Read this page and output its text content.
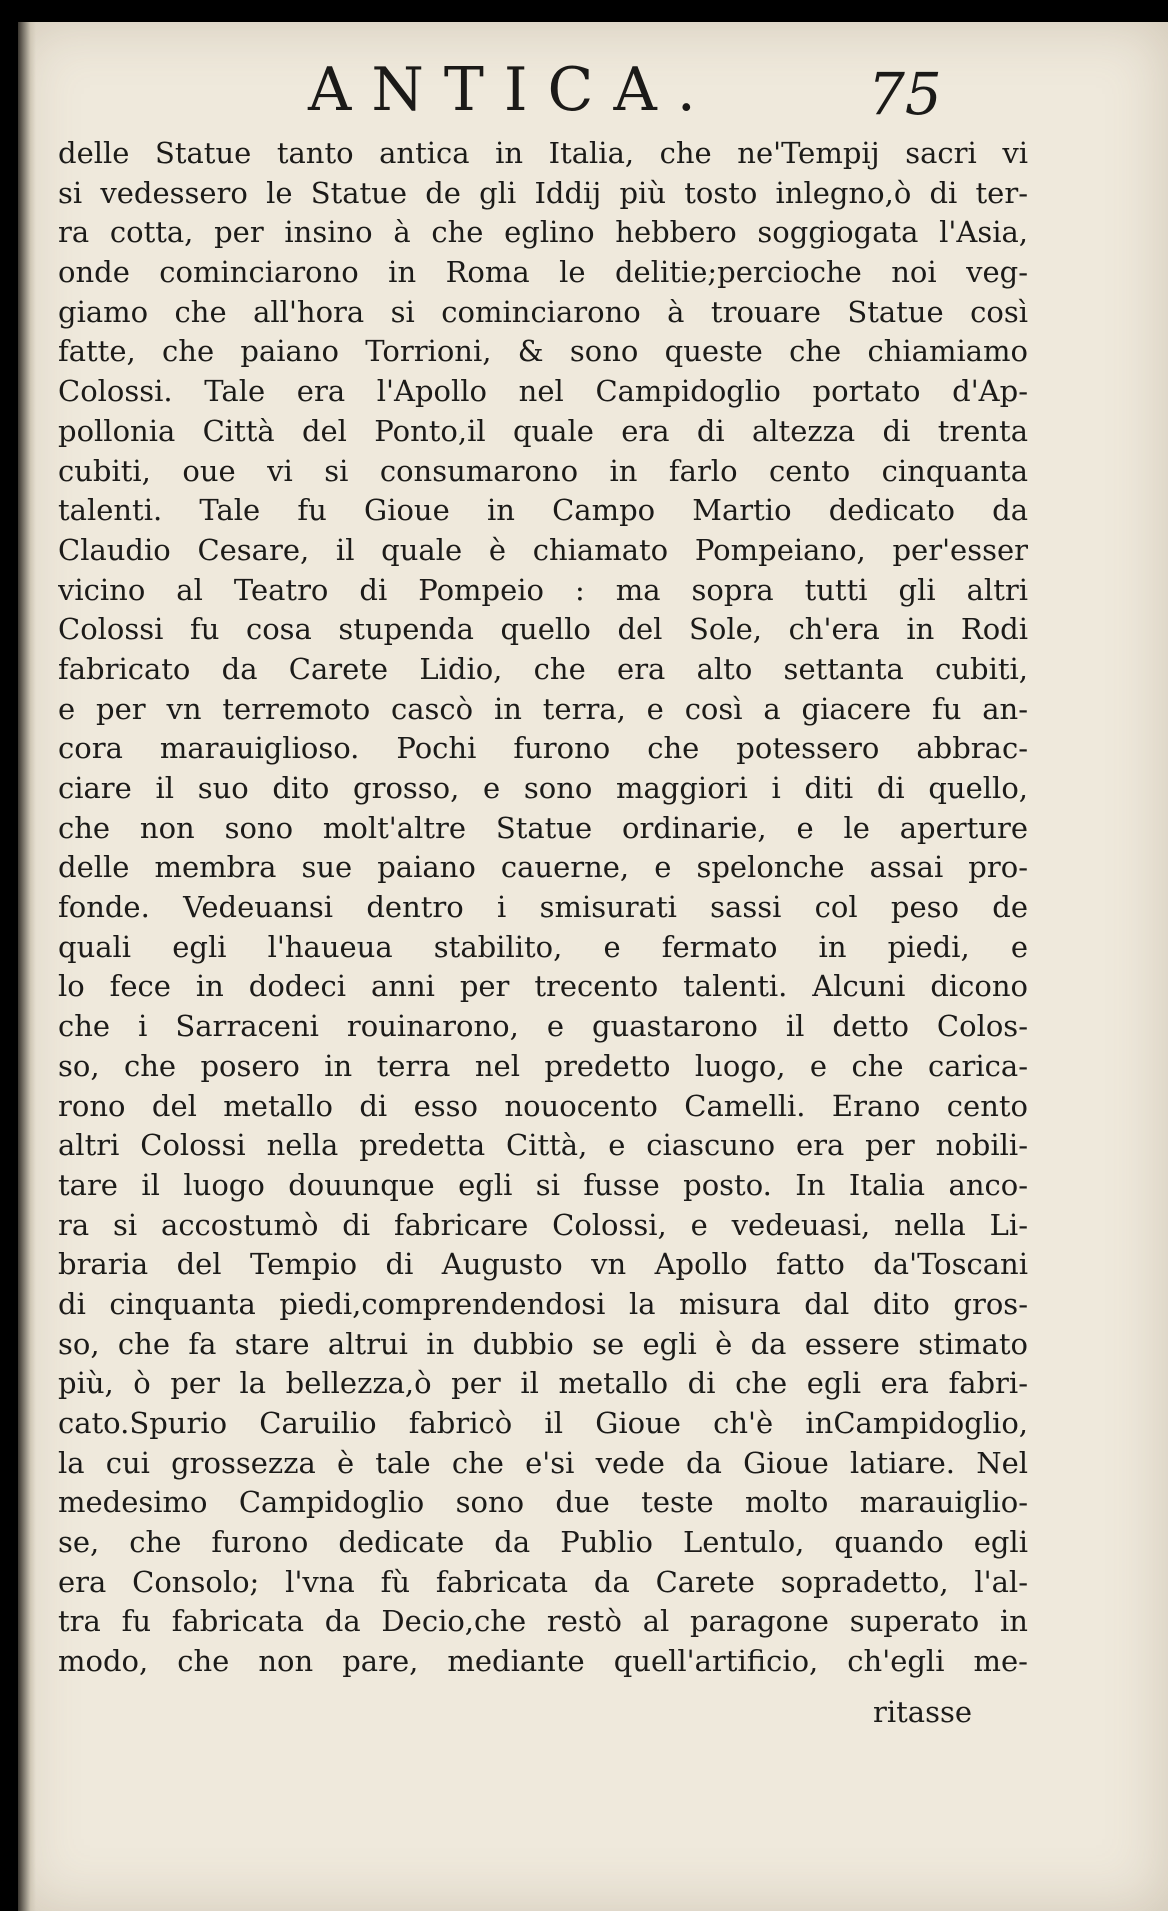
ANTICA.	75
delle Statue tanto antica in Italia, che ne'Tempij sacri vi
si vedessero le Statue de gli Iddij più tosto inlegno,ò di ter-
ra cotta, per insino à che eglino hebbero soggiogata l'Asia,
onde cominciarono in Roma le delitie;percioche noi veg-
giamo che all'hora si cominciarono à trouare Statue così
fatte, che paiano Torrioni, & sono queste che chiamiamo
Colossi. Tale era l'Apollo nel Campidoglio portato d'Ap-
pollonia Città del Ponto,il quale era di altezza di trenta
cubiti, oue vi si consumarono in farlo cento cinquanta
talenti. Tale fu Gioue in Campo Martio dedicato da
Claudio Cesare, il quale è chiamato Pompeiano, per'esser
vicino al Teatro di Pompeio : ma sopra tutti gli altri
Colossi fu cosa stupenda quello del Sole, ch'era in Rodi
fabricato da Carete Lidio, che era alto settanta cubiti,
e per vn terremoto cascò in terra, e così a giacere fu an-
cora marauiglioso. Pochi furono che potessero abbrac-
ciare il suo dito grosso, e sono maggiori i diti di quello,
che non sono molt'altre Statue ordinarie, e le aperture
delle membra sue paiano cauerne, e spelonche assai pro-
fonde. Vedeuansi dentro i smisurati sassi col peso de
quali egli l'haueua stabilito, e fermato in piedi, e
lo fece in dodeci anni per trecento talenti. Alcuni dicono
che i Sarraceni rouinarono, e guastarono il detto Colos-
so, che posero in terra nel predetto luogo, e che carica-
rono del metallo di esso nouocento Camelli. Erano cento
altri Colossi nella predetta Città, e ciascuno era per nobili-
tare il luogo douunque egli si fusse posto. In Italia anco-
ra si accostumò di fabricare Colossi, e vedeuasi, nella Li-
braria del Tempio di Augusto vn Apollo fatto da'Toscani
di cinquanta piedi,comprendendosi la misura dal dito gros-
so, che fa stare altrui in dubbio se egli è da essere stimato
più, ò per la bellezza,ò per il metallo di che egli era fabri-
cato.Spurio Caruilio fabricò il Gioue ch'è inCampidoglio,
la cui grossezza è tale che e'si vede da Gioue latiare. Nel
medesimo Campidoglio sono due teste molto marauiglio-
se, che furono dedicate da Publio Lentulo, quando egli
era Consolo; l'vna fù fabricata da Carete sopradetto, l'al-
tra fu fabricata da Decio,che restò al paragone superato in
modo, che non pare, mediante quell'artificio, ch'egli me-
ritasse
